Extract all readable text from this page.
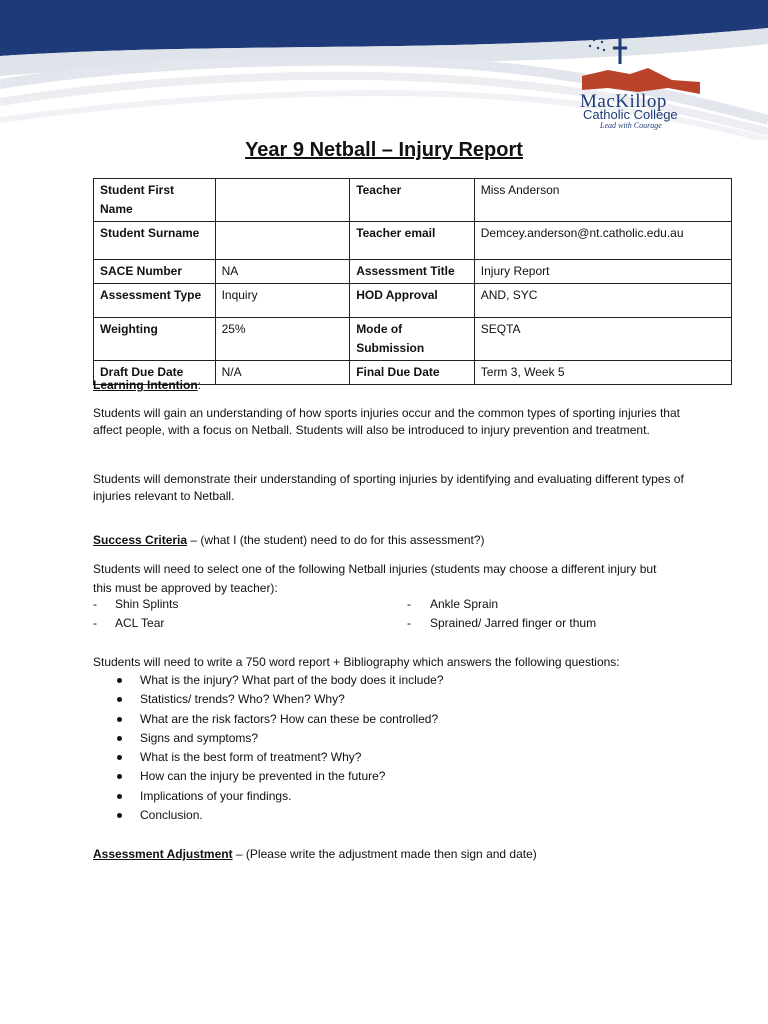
MacKillop
Catholic College
Lead with Courage
Year 9 Netball – Injury Report
Student First Name		Teacher	Miss Anderson
Student Surname		Teacher email	Demcey.anderson@nt.catholic.edu.au
SACE Number	NA	Assessment Title	Injury Report
Assessment Type	Inquiry	HOD Approval	AND, SYC
Weighting	25%	Mode of Submission	SEQTA
Draft Due Date	N/A	Final Due Date	Term 3, Week 5
Learning Intention:
Students will gain an understanding of how sports injuries occur and the common types of sporting injuries that affect people, with a focus on Netball. Students will also be introduced to injury prevention and treatment.
Students will demonstrate their understanding of sporting injuries by identifying and evaluating different types of injuries relevant to Netball.
Success Criteria – (what I (the student) need to do for this assessment?)
Students will need to select one of the following Netball injuries (students may choose a different injury but this must be approved by teacher):
- Shin Splints	- Ankle Sprain
- ACL Tear	- Sprained/ Jarred finger or thum
Students will need to write a 750 word report + Bibliography which answers the following questions:
What is the injury? What part of the body does it include?
Statistics/ trends? Who? When? Why?
What are the risk factors? How can these be controlled?
Signs and symptoms?
What is the best form of treatment? Why?
How can the injury be prevented in the future?
Implications of your findings.
Conclusion.
Assessment Adjustment – (Please write the adjustment made then sign and date)
